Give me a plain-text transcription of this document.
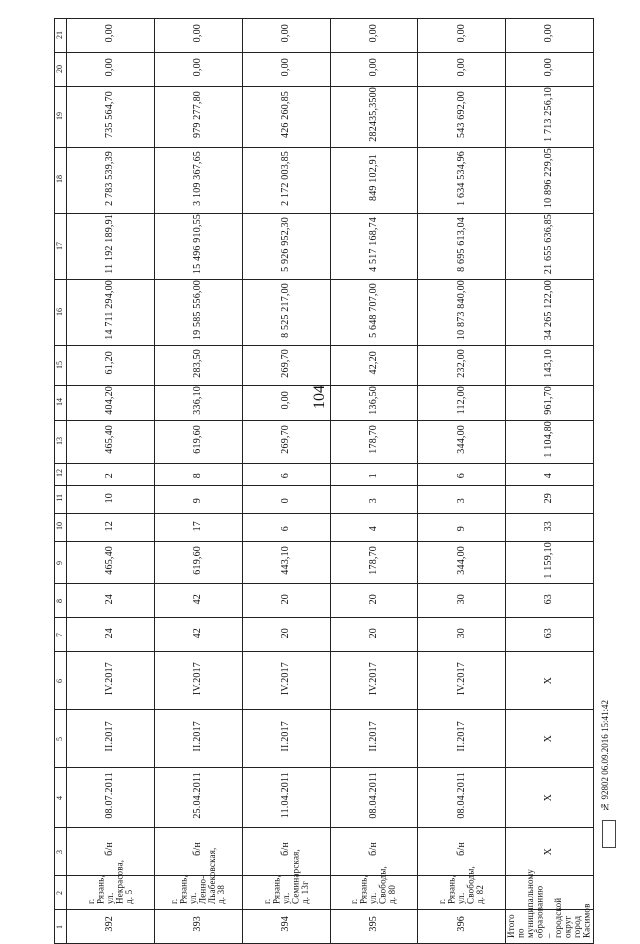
104
21	0,00	0,00	0,00	0,00	0,00	0,00
20	0,00	0,00	0,00	0,00	0,00	0,00
19	735 564,70	979 277,80	426 260,85	282435,3500	543 692,00	1 713 256,10
18	2 783 539,39	3 109 367,65	2 172 003,85	849 102,91	1 634 534,96	10 896 229,05
17	11 192 189,91	15 496 910,55	5 926 952,30	4 517 168,74	8 695 613,04	21 655 636,85
16	14 711 294,00	19 585 556,00	8 525 217,00	5 648 707,00	10 873 840,00	34 265 122,00
15	61,20	283,50	269,70	42,20	232,00	143,10
14	404,20	336,10	0,00	136,50	112,00	961,70
13	465,40	619,60	269,70	178,70	344,00	1 104,80
12	2	8	6	1	6	4
11	10	9	0	3	3	29
10	12	17	6	4	9	33
9	465,40	619,60	443,10	178,70	344,00	1 159,10
8	24	42	20	20	30	63
7	24	42	20	20	30	63
6	IV.2017	IV.2017	IV.2017	IV.2017	IV.2017	X
5	II.2017	II.2017	II.2017	II.2017	II.2017	X
4	08.07.2011	25.04.2011	11.04.2011	08.04.2011	08.04.2011	X
3	б/н	б/н	б/н	б/н	б/н	X
2	г. Рязань, ул. Некрасова, д. 5	г. Рязань, ул. Ленно-Льабековская, д. 38	г. Рязань, ул. Семинарская, д. 13г	г. Рязань, ул. Свободы, д. 80	г. Рязань, ул. Свободы, д. 82	
1	392	393	394	395	396	Итого по муниципальному образованию – городской округ город Касимов
№ 92802 06.09.2016 15:41:42
